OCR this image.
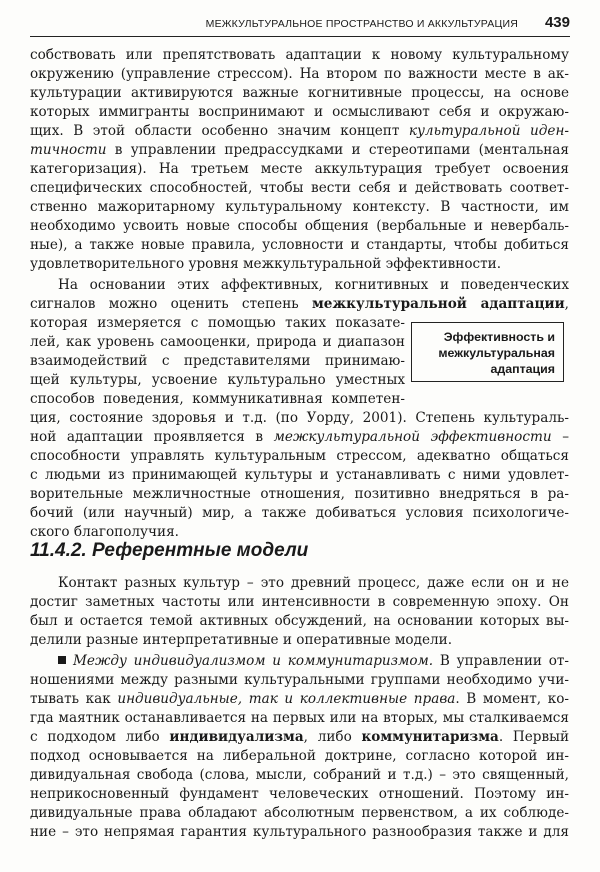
МЕЖКУЛЬТУРАЛЬНОЕ ПРОСТРАНСТВО И АККУЛЬТУРАЦИЯ 439
собствовать или препятствовать адаптации к новому культуральному
окружению (управление стрессом). На втором по важности месте в ак-
культурации активируются важные когнитивные процессы, на основе
которых иммигранты воспринимают и осмысливают себя и окружаю-
щих. В этой области особенно значим концепт культуральной иден-
тичности в управлении предрассудками и стереотипами (ментальная
категоризация). На третьем месте аккультурация требует освоения
специфических способностей, чтобы вести себя и действовать соответ-
ственно мажоритарному культуральному контексту. В частности, им
необходимо усвоить новые способы общения (вербальные и невербаль-
ные), а также новые правила, условности и стандарты, чтобы добиться
удовлетворительного уровня межкультуральной эффективности.
На основании этих аффективных, когнитивных и поведенческих
сигналов можно оценить степень межкультуральной адаптации,
которая измеряется с помощью таких показате-
лей, как уровень самооценки, природа и диапазон
взаимодействий с представителями принимаю-
щей культуры, усвоение культурально уместных
способов поведения, коммуникативная компетен-
ция, состояние здоровья и т.д. (по Уорду, 2001). Степень культураль-
ной адаптации проявляется в межкультуральной эффективности –
способности управлять культуральным стрессом, адекватно общаться
с людьми из принимающей культуры и устанавливать с ними удовлет-
ворительные межличностные отношения, позитивно внедряться в ра-
бочий (или научный) мир, а также добиваться условия психологиче-
ского благополучия.
Эффективность и
межкультуральная
адаптация
11.4.2. Референтные модели
Контакт разных культур – это древний процесс, даже если он и не
достиг заметных частоты или интенсивности в современную эпоху. Он
был и остается темой активных обсуждений, на основании которых вы-
делили разные интерпретативные и оперативные модели.
Между индивидуализмом и коммунитаризмом. В управлении от-
ношениями между разными культуральными группами необходимо учи-
тывать как индивидуальные, так и коллективные права. В момент, ко-
гда маятник останавливается на первых или на вторых, мы сталкиваемся
с подходом либо индивидуализма, либо коммунитаризма. Первый
подход основывается на либеральной доктрине, согласно которой ин-
дивидуальная свобода (слова, мысли, собраний и т.д.) – это священный,
неприкосновенный фундамент человеческих отношений. Поэтому ин-
дивидуальные права обладают абсолютным первенством, а их соблюде-
ние – это непрямая гарантия культурального разнообразия также и для
